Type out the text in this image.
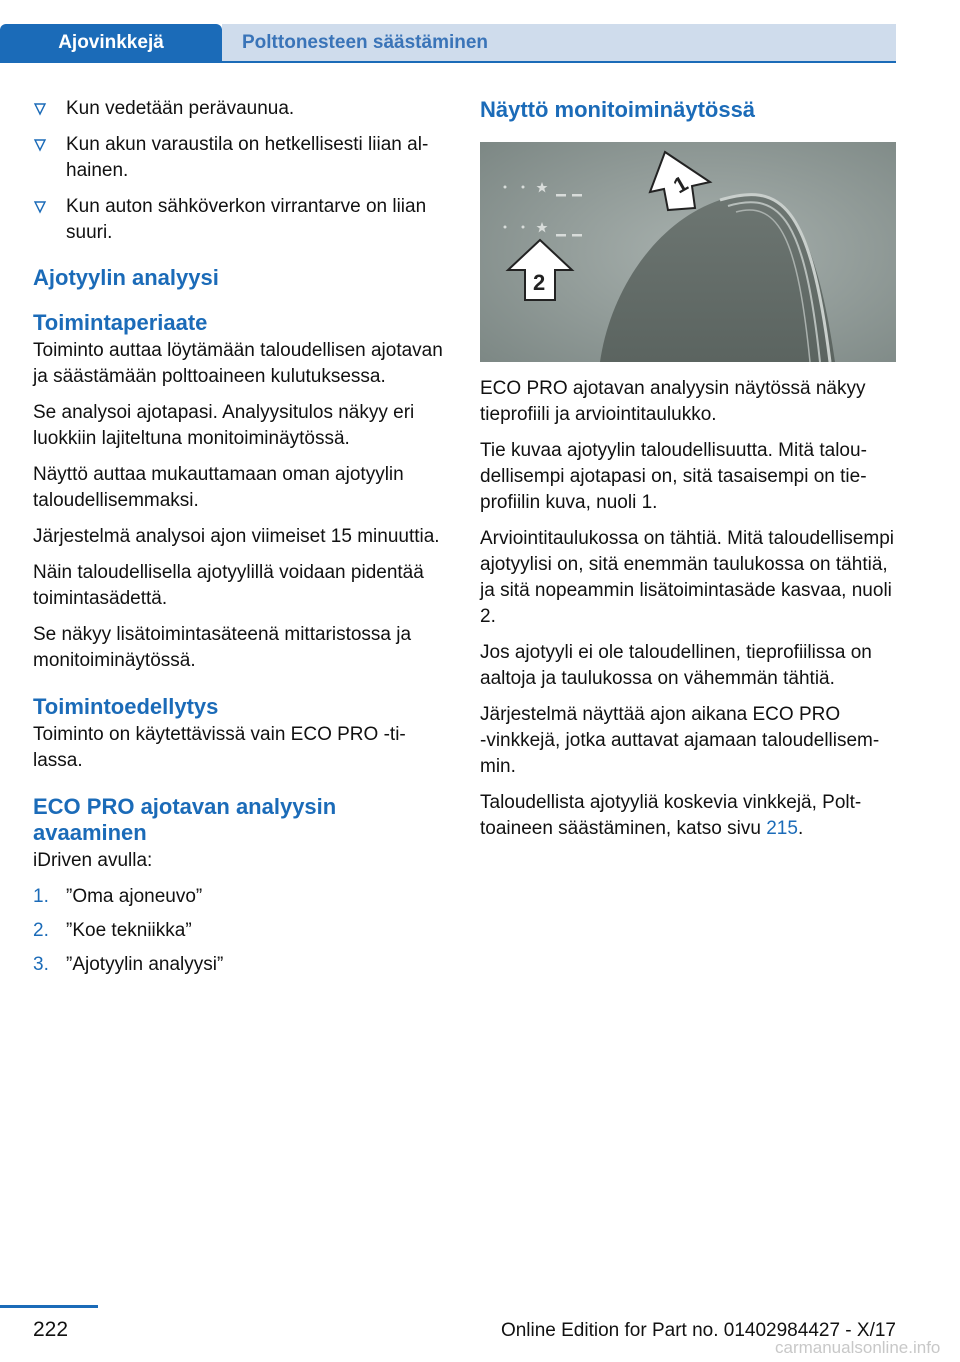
Ajovinkkejä	Polttonesteen säästäminen
Kun vedetään perävaunua.
Kun akun varaustila on hetkellisesti liian alhainen.
Kun auton sähköverkon virrantarve on liian suuri.
Ajotyylin analyysi
Toimintaperiaate

Toiminto auttaa löytämään taloudellisen ajotavan ja säästämään polttoaineen kulutuksessa.

Se analysoi ajotapasi. Analyysitulos näkyy eri luokkiin lajiteltuna monitoiminäytössä.

Näyttö auttaa mukauttamaan oman ajotyylin taloudellisemmaksi.

Järjestelmä analysoi ajon viimeiset 15 minuuttia.

Näin taloudellisella ajotyylillä voidaan pidentää toimintasädettä.

Se näkyy lisätoimintasäteenä mittaristossa ja monitoiminäytössä.

Toimintoedellytys

Toiminto on käytettävissä vain ECO PRO ‑tilassa.

ECO PRO ajotavan analyysin avaaminen

iDriven avulla:

1. ”Oma ajoneuvo”
2. ”Koe tekniikka”
3. ”Ajotyylin analyysi”
Näyttö monitoiminäytössä
1
2

ECO PRO ajotavan analyysin näytössä näkyy tieprofiili ja arviointitaulukko.

Tie kuvaa ajotyylin taloudellisuutta. Mitä taloudellisempi ajotapasi on, sitä tasaisempi on tieprofiilin kuva, nuoli 1.

Arviointitaulukossa on tähtiä. Mitä taloudellisempi ajotyylisi on, sitä enemmän taulukossa on tähtiä, ja sitä nopeammin lisätoimintasäde kasvaa, nuoli 2.

Jos ajotyyli ei ole taloudellinen, tieprofiilissa on aaltoja ja taulukossa on vähemmän tähtiä.

Järjestelmä näyttää ajon aikana ECO PRO ‑vinkkejä, jotka auttavat ajamaan taloudellisemmin.

Taloudellista ajotyyliä koskevia vinkkejä, Polttoaineen säästäminen, katso sivu 215.

222	Online Edition for Part no. 01402984427 - X/17
carmanualsonline.info
